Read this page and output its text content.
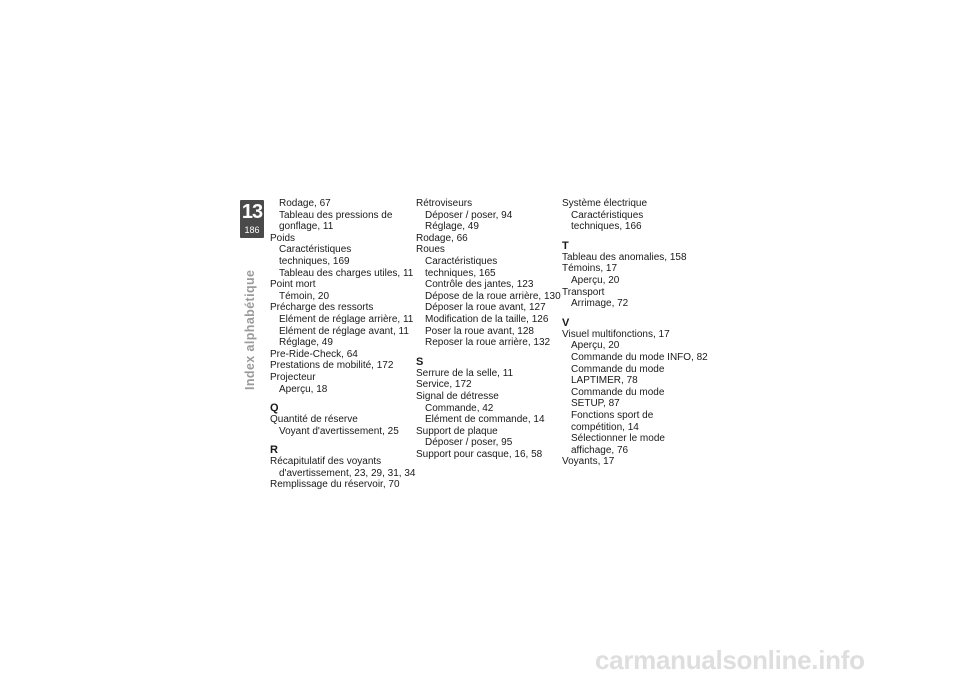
13
186
Index alphabétique
Rodage, 67
Tableau des pressions de
gonflage, 11
Poids
Caractéristiques
techniques, 169
Tableau des charges utiles, 11
Point mort
Témoin, 20
Précharge des ressorts
Elément de réglage arrière, 11
Elément de réglage avant, 11
Réglage, 49
Pre-Ride-Check, 64
Prestations de mobilité, 172
Projecteur
Aperçu, 18
Q
Quantité de réserve
Voyant d'avertissement, 25
R
Récapitulatif des voyants
d'avertissement, 23, 29, 31, 34
Remplissage du réservoir, 70
Rétroviseurs
Déposer / poser, 94
Réglage, 49
Rodage, 66
Roues
Caractéristiques
techniques, 165
Contrôle des jantes, 123
Dépose de la roue arrière, 130
Déposer la roue avant, 127
Modification de la taille, 126
Poser la roue avant, 128
Reposer la roue arrière, 132
S
Serrure de la selle, 11
Service, 172
Signal de détresse
Commande, 42
Elément de commande, 14
Support de plaque
Déposer / poser, 95
Support pour casque, 16, 58
Système électrique
Caractéristiques
techniques, 166
T
Tableau des anomalies, 158
Témoins, 17
Aperçu, 20
Transport
Arrimage, 72
V
Visuel multifonctions, 17
Aperçu, 20
Commande du mode INFO, 82
Commande du mode
LAPTIMER, 78
Commande du mode
SETUP, 87
Fonctions sport de
compétition, 14
Sélectionner le mode
affichage, 76
Voyants, 17
carmanualsonline.info
